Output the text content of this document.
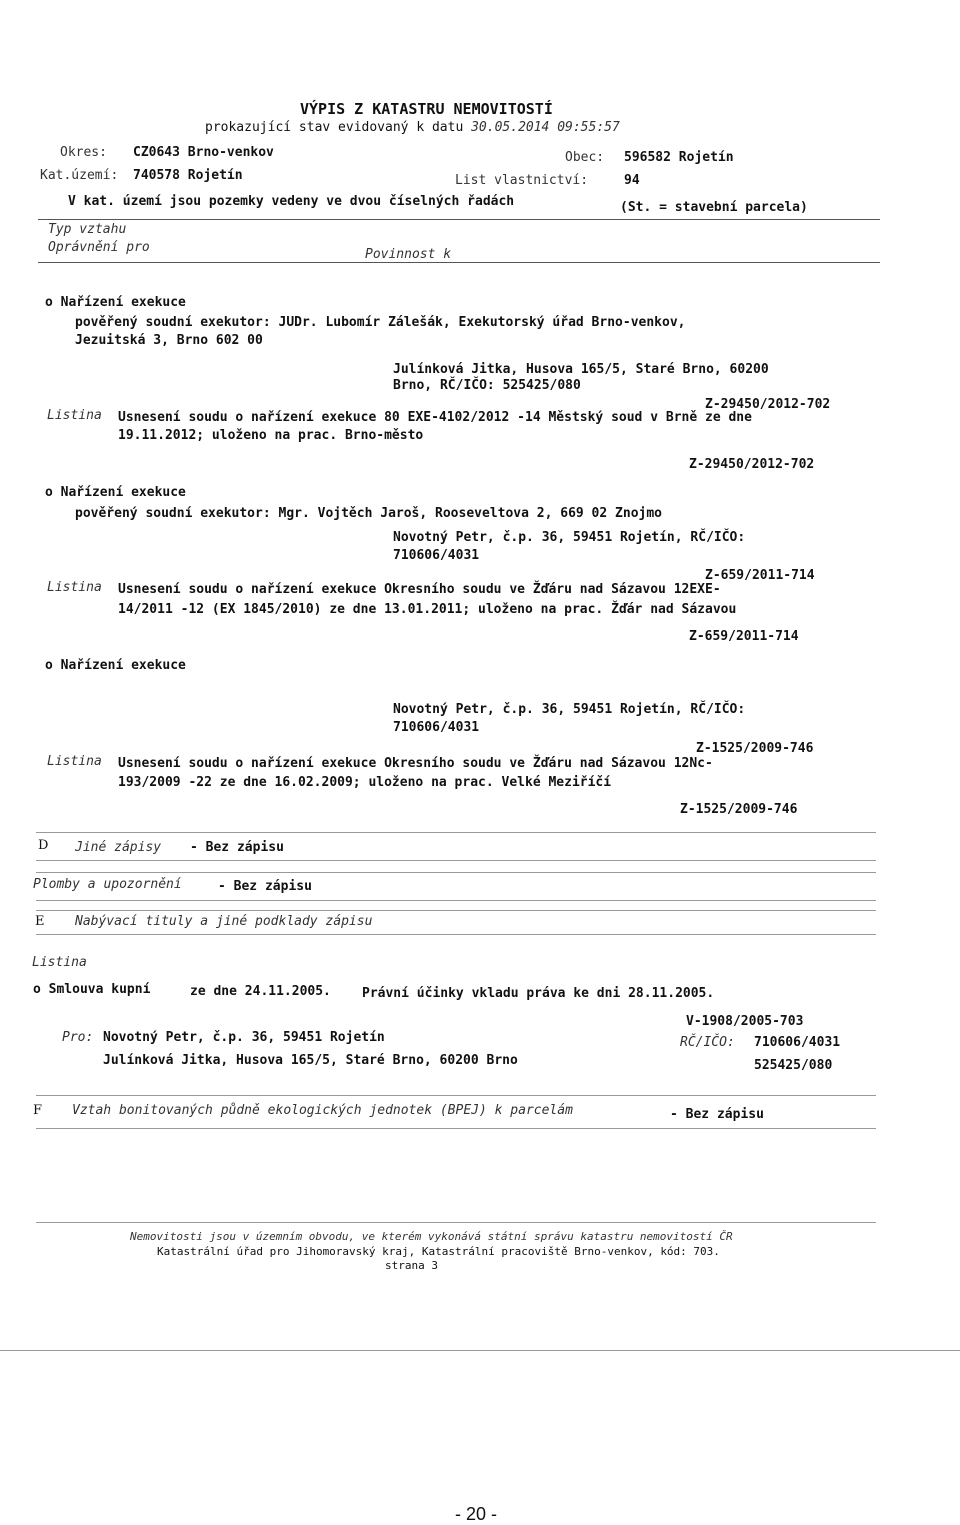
VÝPIS Z KATASTRU NEMOVITOSTÍ
prokazující stav evidovaný k datu 30.05.2014 09:55:57
Okres: CZ0643 Brno-venkov	Obec: 596582 Rojetín
Kat.území: 740578 Rojetín	List vlastnictví:	94
V kat. území jsou pozemky vedeny ve dvou číselných řadách	(St. = stavební parcela)
Typ vztahu
Oprávnění pro	Povinnost k
o Nařízení exekuce
pověřený soudní exekutor: JUDr. Lubomír Zálešák, Exekutorský úřad Brno-venkov,
Jezuitská 3, Brno 602 00
Julínková Jitka, Husova 165/5, Staré Brno, 60200
Brno, RČ/IČO: 525425/080
Z-29450/2012-702
Listina Usnesení soudu o nařízení exekuce 80 EXE-4102/2012 -14 Městský soud v Brně ze dne
19.11.2012; uloženo na prac. Brno-město
Z-29450/2012-702
o Nařízení exekuce
pověřený soudní exekutor: Mgr. Vojtěch Jaroš, Rooseveltova 2, 669 02 Znojmo
Novotný Petr, č.p. 36, 59451 Rojetín, RČ/IČO:
710606/4031
Z-659/2011-714
Listina Usnesení soudu o nařízení exekuce Okresního soudu ve Žďáru nad Sázavou 12EXE-
14/2011 -12 (EX 1845/2010) ze dne 13.01.2011; uloženo na prac. Žďár nad Sázavou
Z-659/2011-714
o Nařízení exekuce
Novotný Petr, č.p. 36, 59451 Rojetín, RČ/IČO:
710606/4031
Z-1525/2009-746
Listina Usnesení soudu o nařízení exekuce Okresního soudu ve Žďáru nad Sázavou 12Nc-
193/2009 -22 ze dne 16.02.2009; uloženo na prac. Velké Meziříčí
Z-1525/2009-746
D Jiné zápisy - Bez zápisu
Plomby a upozornění	- Bez zápisu
E Nabývací tituly a jiné podklady zápisu
Listina
o Smlouva kupní	ze dne 24.11.2005. Právní účinky vkladu práva ke dni 28.11.2005.
V-1908/2005-703
Pro: Novotný Petr, č.p. 36, 59451 Rojetín	RČ/IČO: 710606/4031
Julínková Jitka, Husova 165/5, Staré Brno, 60200 Brno	525425/080
F Vztah bonitovaných půdně ekologických jednotek (BPEJ) k parcelám	- Bez zápisu
Nemovitosti jsou v územním obvodu, ve kterém vykonává státní správu katastru nemovitostí ČR
Katastrální úřad pro Jihomoravský kraj, Katastrální pracoviště Brno-venkov, kód: 703.
strana 3
- 20 -
